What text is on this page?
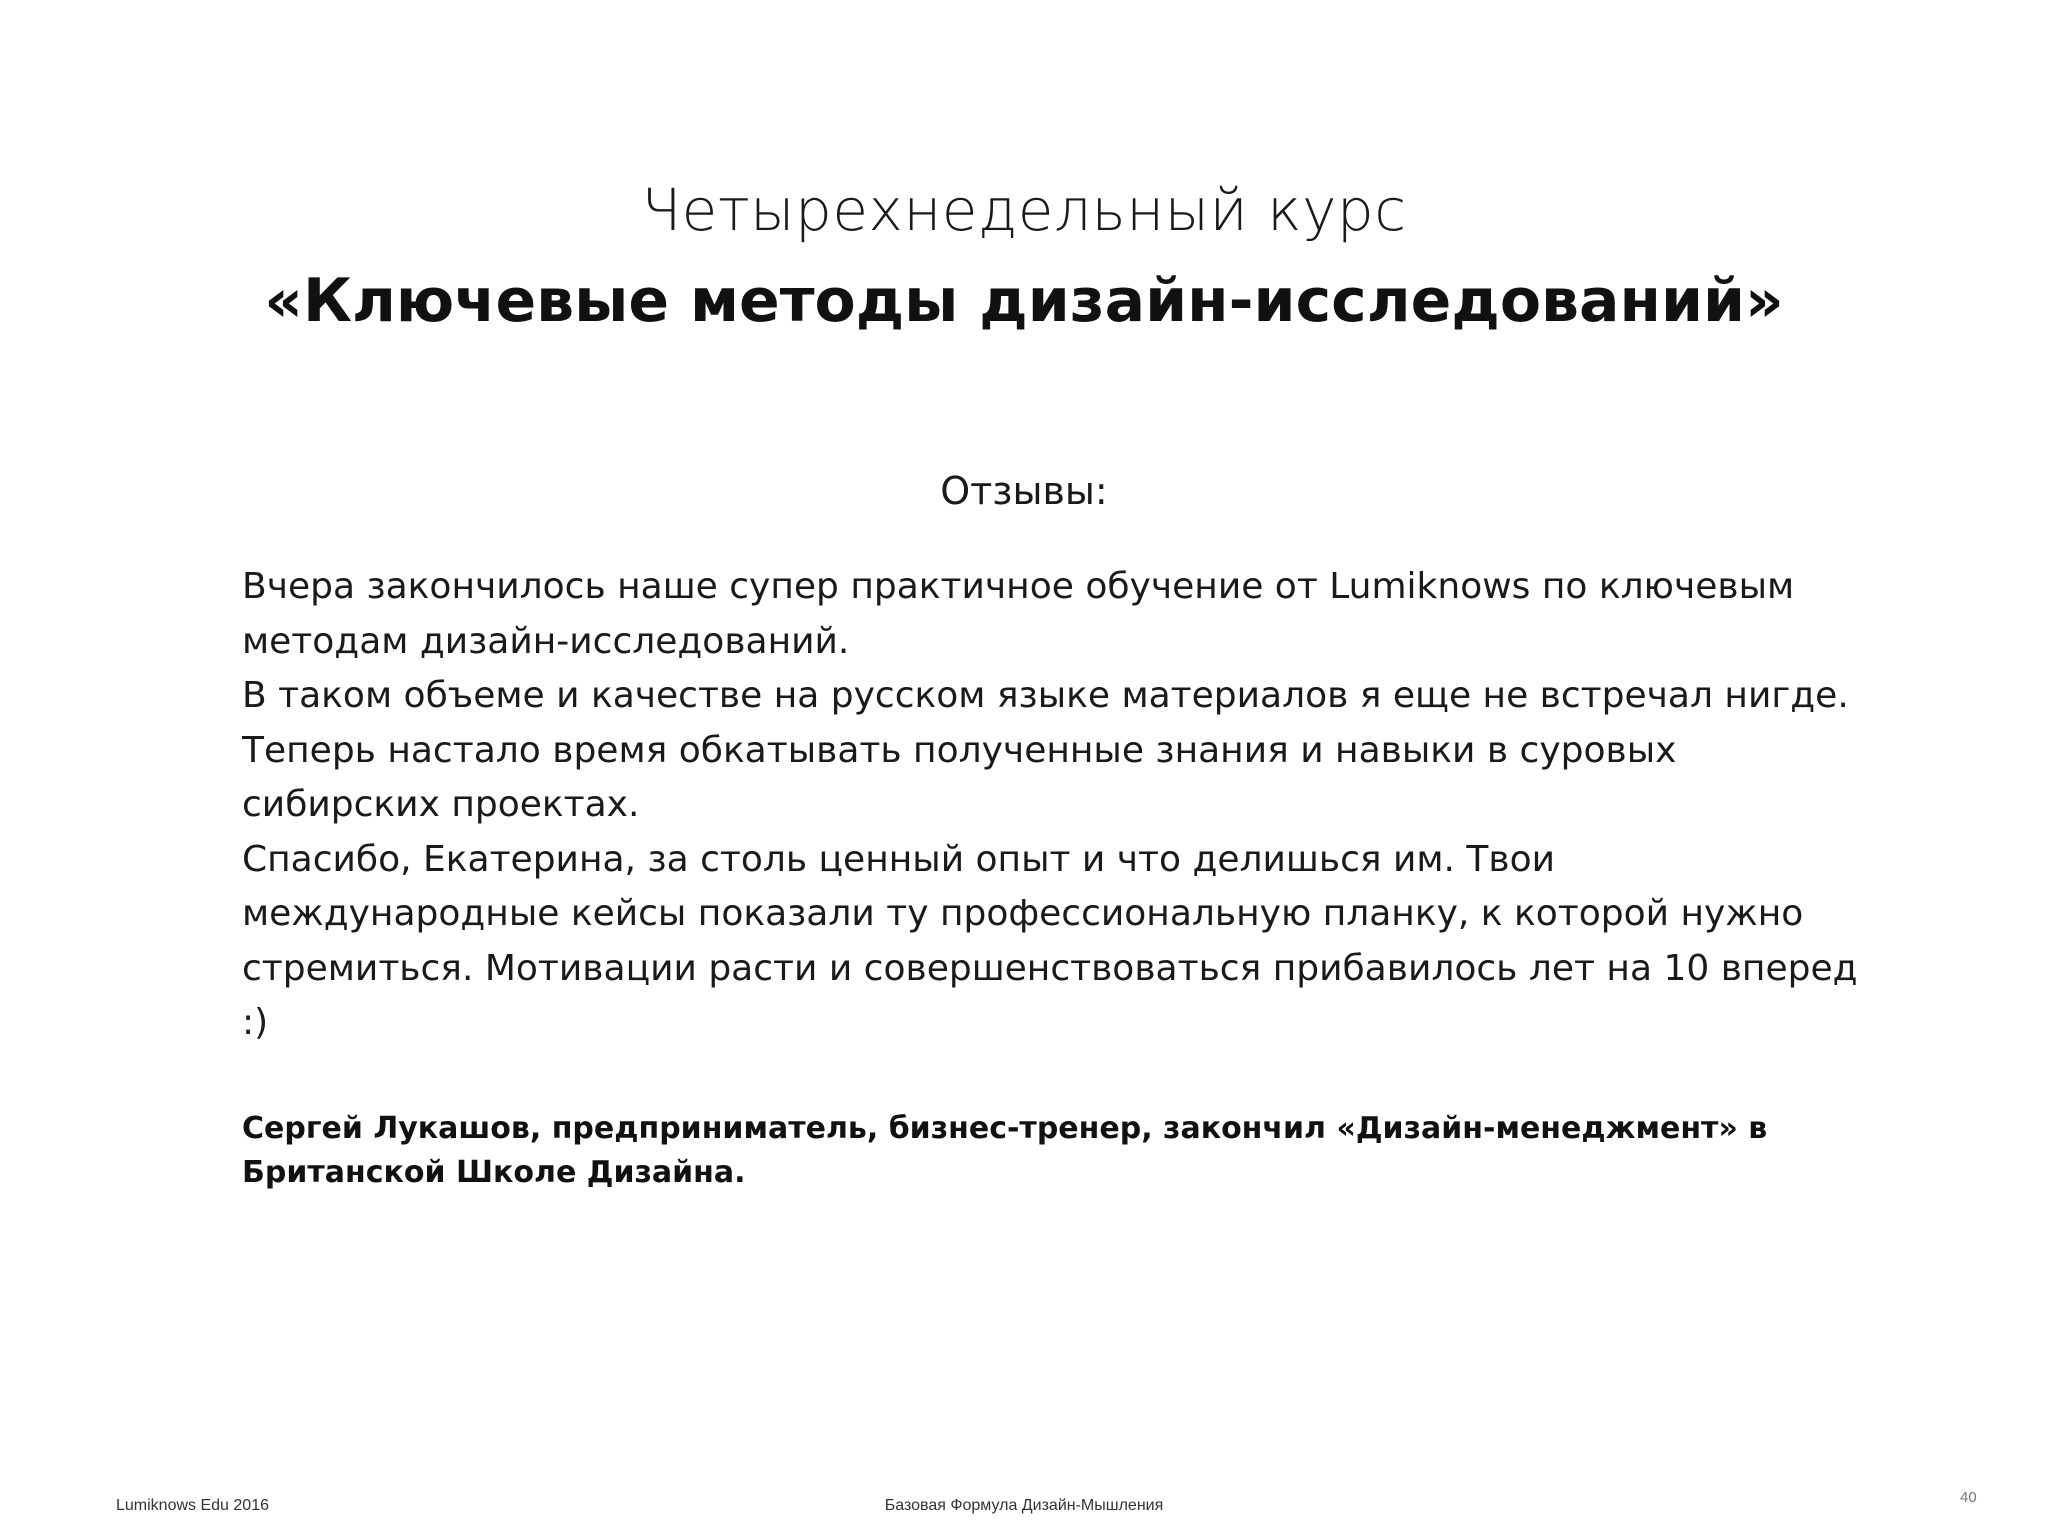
Четырехнедельный курс
«Ключевые методы дизайн-исследований»
Отзывы:

Вчера закончилось наше супер практичное обучение от Lumiknows по ключевым методам дизайн-исследований.

В таком объеме и качестве на русском языке материалов я еще не встречал нигде.

Теперь настало время обкатывать полученные знания и навыки в суровых сибирских проектах.

Спасибо, Екатерина, за столь ценный опыт и что делишься им. Твои международные кейсы показали ту профессиональную планку, к которой нужно стремиться. Мотивации расти и совершенствоваться прибавилось лет на 10 вперед :)

Сергей Лукашов, предприниматель, бизнес-тренер, закончил «Дизайн-менеджмент» в Британской Школе Дизайна.
Lumiknows Edu 2016	Базовая Формула Дизайн-Мышления	40
